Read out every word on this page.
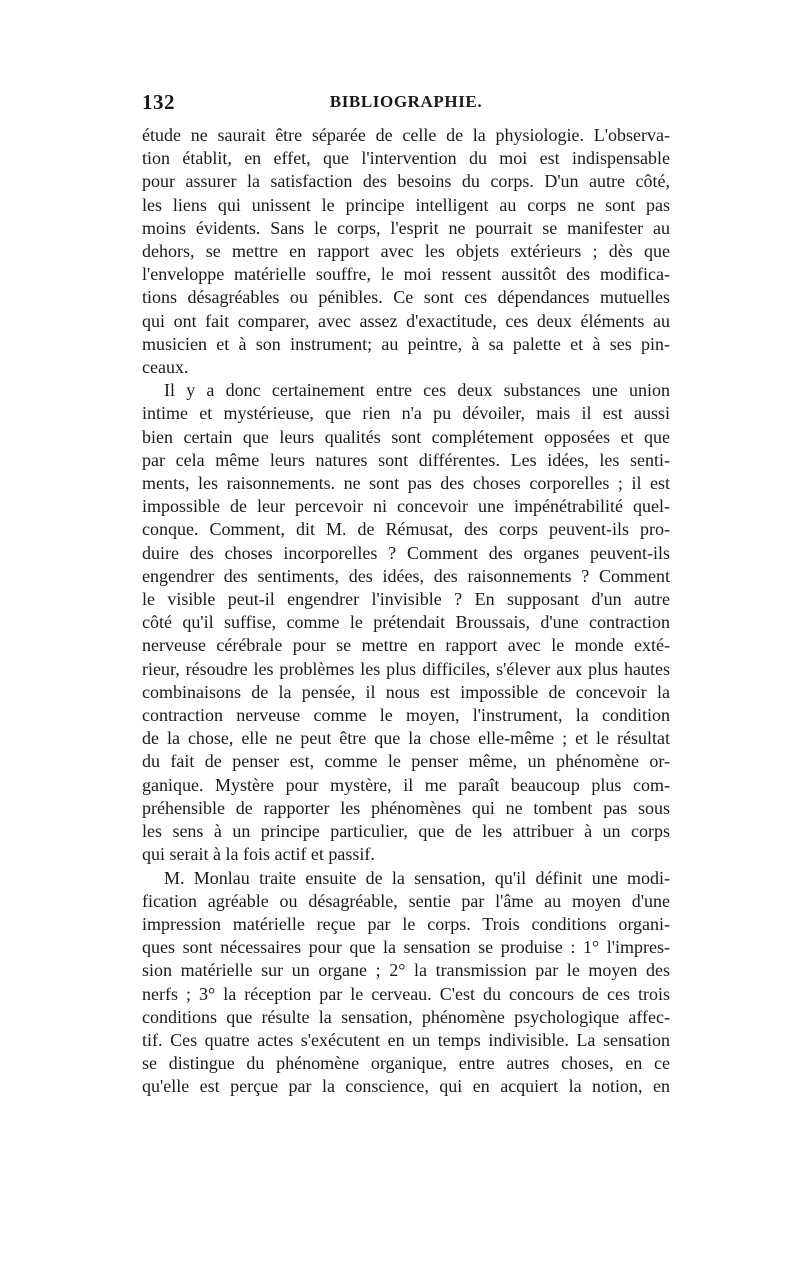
132	BIBLIOGRAPHIE.

étude ne saurait être séparée de celle de la physiologie. L'observa-
tion établit, en effet, que l'intervention du moi est indispensable
pour assurer la satisfaction des besoins du corps. D'un autre côté,
les liens qui unissent le principe intelligent au corps ne sont pas
moins évidents. Sans le corps, l'esprit ne pourrait se manifester au
dehors, se mettre en rapport avec les objets extérieurs ; dès que
l'enveloppe matérielle souffre, le moi ressent aussitôt des modifica-
tions désagréables ou pénibles. Ce sont ces dépendances mutuelles
qui ont fait comparer, avec assez d'exactitude, ces deux éléments au
musicien et à son instrument; au peintre, à sa palette et à ses pin-
ceaux.

Il y a donc certainement entre ces deux substances une union
intime et mystérieuse, que rien n'a pu dévoiler, mais il est aussi
bien certain que leurs qualités sont complétement opposées et que
par cela même leurs natures sont différentes. Les idées, les senti-
ments, les raisonnements. ne sont pas des choses corporelles ; il est
impossible de leur percevoir ni concevoir une impénétrabilité quel-
conque. Comment, dit M. de Rémusat, des corps peuvent-ils pro-
duire des choses incorporelles ? Comment des organes peuvent-ils
engendrer des sentiments, des idées, des raisonnements ? Comment
le visible peut-il engendrer l'invisible ? En supposant d'un autre
côté qu'il suffise, comme le prétendait Broussais, d'une contraction
nerveuse cérébrale pour se mettre en rapport avec le monde exté-
rieur, résoudre les problèmes les plus difficiles, s'élever aux plus hautes
combinaisons de la pensée, il nous est impossible de concevoir la
contraction nerveuse comme le moyen, l'instrument, la condition
de la chose, elle ne peut être que la chose elle-même ; et le résultat
du fait de penser est, comme le penser même, un phénomène or-
ganique. Mystère pour mystère, il me paraît beaucoup plus com-
préhensible de rapporter les phénomènes qui ne tombent pas sous
les sens à un principe particulier, que de les attribuer à un corps
qui serait à la fois actif et passif.

M. Monlau traite ensuite de la sensation, qu'il définit une modi-
fication agréable ou désagréable, sentie par l'âme au moyen d'une
impression matérielle reçue par le corps. Trois conditions organi-
ques sont nécessaires pour que la sensation se produise : 1° l'impres-
sion matérielle sur un organe ; 2° la transmission par le moyen des
nerfs ; 3° la réception par le cerveau. C'est du concours de ces trois
conditions que résulte la sensation, phénomène psychologique affec-
tif. Ces quatre actes s'exécutent en un temps indivisible. La sensation
se distingue du phénomène organique, entre autres choses, en ce
qu'elle est perçue par la conscience, qui en acquiert la notion, en
